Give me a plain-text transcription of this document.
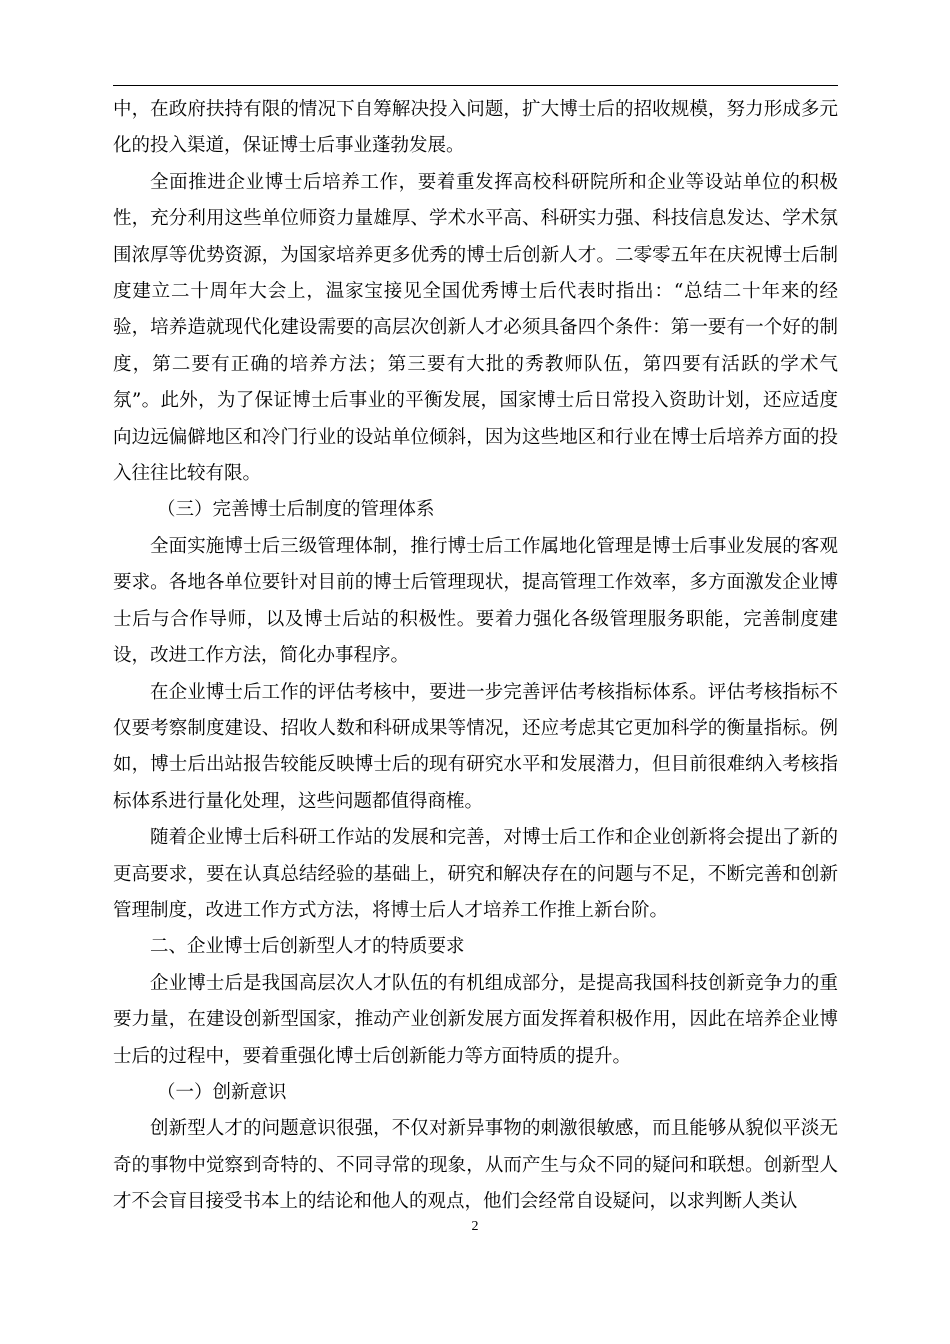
中，在政府扶持有限的情况下自筹解决投入问题，扩大博士后的招收规模，努力形成多元化的投入渠道，保证博士后事业蓬勃发展。

全面推进企业博士后培养工作，要着重发挥高校科研院所和企业等设站单位的积极性，充分利用这些单位师资力量雄厚、学术水平高、科研实力强、科技信息发达、学术氛围浓厚等优势资源，为国家培养更多优秀的博士后创新人才。二零零五年在庆祝博士后制度建立二十周年大会上，温家宝接见全国优秀博士后代表时指出：“总结二十年来的经验，培养造就现代化建设需要的高层次创新人才必须具备四个条件：第一要有一个好的制度，第二要有正确的培养方法；第三要有大批的秀教师队伍，第四要有活跃的学术气氛”。此外，为了保证博士后事业的平衡发展，国家博士后日常投入资助计划，还应适度向边远偏僻地区和冷门行业的设站单位倾斜，因为这些地区和行业在博士后培养方面的投入往往比较有限。

（三）完善博士后制度的管理体系

全面实施博士后三级管理体制，推行博士后工作属地化管理是博士后事业发展的客观要求。各地各单位要针对目前的博士后管理现状，提高管理工作效率，多方面激发企业博士后与合作导师，以及博士后站的积极性。要着力强化各级管理服务职能，完善制度建设，改进工作方法，简化办事程序。

在企业博士后工作的评估考核中，要进一步完善评估考核指标体系。评估考核指标不仅要考察制度建设、招收人数和科研成果等情况，还应考虑其它更加科学的衡量指标。例如，博士后出站报告较能反映博士后的现有研究水平和发展潜力，但目前很难纳入考核指标体系进行量化处理，这些问题都值得商榷。

随着企业博士后科研工作站的发展和完善，对博士后工作和企业创新将会提出了新的更高要求，要在认真总结经验的基础上，研究和解决存在的问题与不足，不断完善和创新管理制度，改进工作方式方法，将博士后人才培养工作推上新台阶。

二、企业博士后创新型人才的特质要求

企业博士后是我国高层次人才队伍的有机组成部分，是提高我国科技创新竞争力的重要力量，在建设创新型国家，推动产业创新发展方面发挥着积极作用，因此在培养企业博士后的过程中，要着重强化博士后创新能力等方面特质的提升。

（一）创新意识

创新型人才的问题意识很强，不仅对新异事物的刺激很敏感，而且能够从貌似平淡无奇的事物中觉察到奇特的、不同寻常的现象，从而产生与众不同的疑问和联想。创新型人才不会盲目接受书本上的结论和他人的观点，他们会经常自设疑问，以求判断人类认

2
